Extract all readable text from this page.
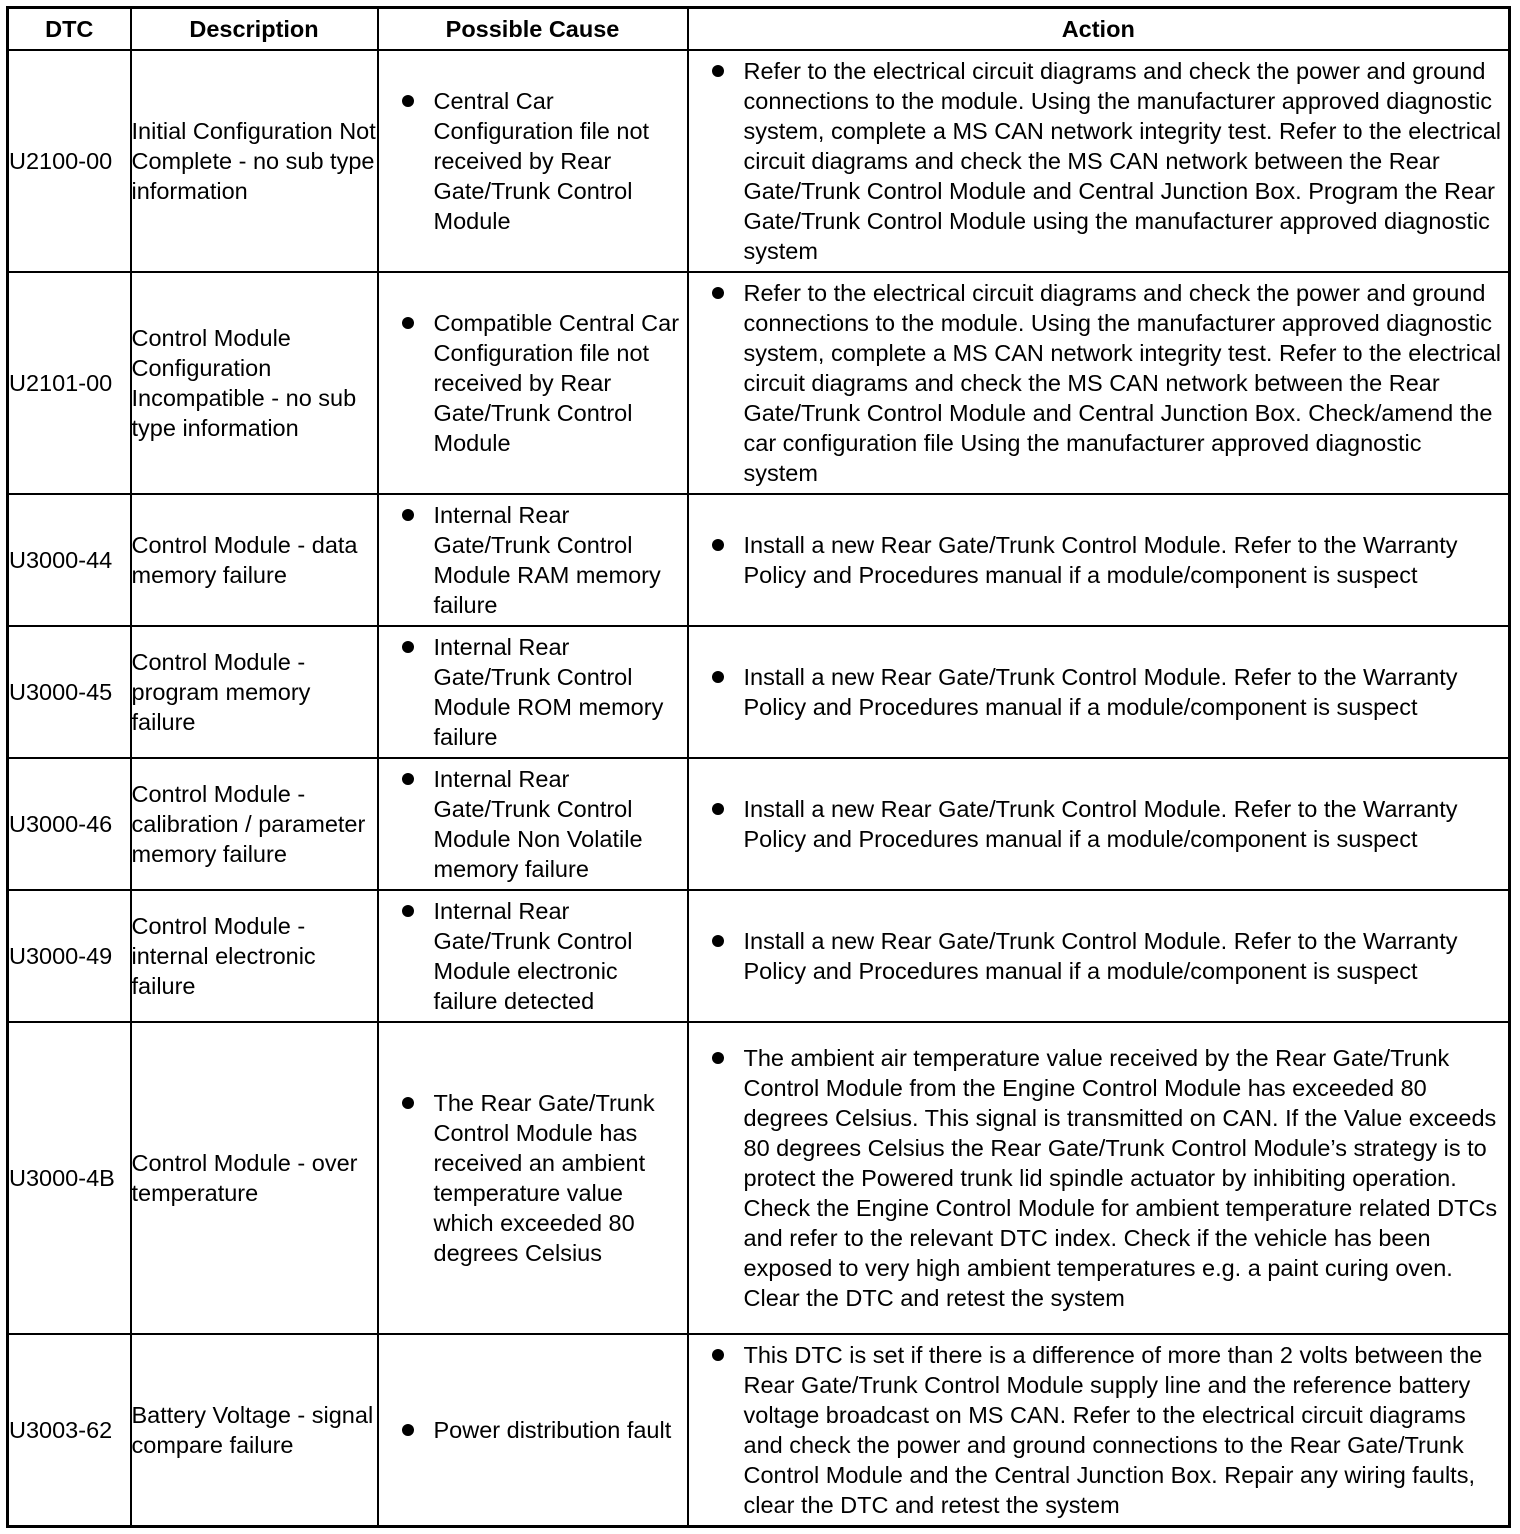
DTC	Description	Possible Cause	Action
U2100-00	Initial Configuration Not Complete - no sub type information	Central Car Configuration file not received by Rear Gate/Trunk Control Module	Refer to the electrical circuit diagrams and check the power and ground connections to the module. Using the manufacturer approved diagnostic system, complete a MS CAN network integrity test. Refer to the electrical circuit diagrams and check the MS CAN network between the Rear Gate/Trunk Control Module and Central Junction Box. Program the Rear Gate/Trunk Control Module using the manufacturer approved diagnostic system

U2101-00	Control Module Configuration Incompatible - no sub type information	Compatible Central Car Configuration file not received by Rear Gate/Trunk Control Module	Refer to the electrical circuit diagrams and check the power and ground connections to the module. Using the manufacturer approved diagnostic system, complete a MS CAN network integrity test. Refer to the electrical circuit diagrams and check the MS CAN network between the Rear Gate/Trunk Control Module and Central Junction Box. Check/amend the car configuration file Using the manufacturer approved diagnostic system

U3000-44	Control Module - data memory failure	Internal Rear Gate/Trunk Control Module RAM memory failure	Install a new Rear Gate/Trunk Control Module. Refer to the Warranty Policy and Procedures manual if a module/component is suspect

U3000-45	Control Module - program memory failure	Internal Rear Gate/Trunk Control Module ROM memory failure	Install a new Rear Gate/Trunk Control Module. Refer to the Warranty Policy and Procedures manual if a module/component is suspect

U3000-46	Control Module - calibration / parameter memory failure	Internal Rear Gate/Trunk Control Module Non Volatile memory failure	Install a new Rear Gate/Trunk Control Module. Refer to the Warranty Policy and Procedures manual if a module/component is suspect

U3000-49	Control Module - internal electronic failure	Internal Rear Gate/Trunk Control Module electronic failure detected	Install a new Rear Gate/Trunk Control Module. Refer to the Warranty Policy and Procedures manual if a module/component is suspect

U3000-4B	Control Module - over temperature	The Rear Gate/Trunk Control Module has received an ambient temperature value which exceeded 80 degrees Celsius	The ambient air temperature value received by the Rear Gate/Trunk Control Module from the Engine Control Module has exceeded 80 degrees Celsius. This signal is transmitted on CAN. If the Value exceeds 80 degrees Celsius the Rear Gate/Trunk Control Module’s strategy is to protect the Powered trunk lid spindle actuator by inhibiting operation. Check the Engine Control Module for ambient temperature related DTCs and refer to the relevant DTC index. Check if the vehicle has been exposed to very high ambient temperatures e.g. a paint curing oven. Clear the DTC and retest the system

U3003-62	Battery Voltage - signal compare failure	Power distribution fault	This DTC is set if there is a difference of more than 2 volts between the Rear Gate/Trunk Control Module supply line and the reference battery voltage broadcast on MS CAN. Refer to the electrical circuit diagrams and check the power and ground connections to the Rear Gate/Trunk Control Module and the Central Junction Box. Repair any wiring faults, clear the DTC and retest the system
